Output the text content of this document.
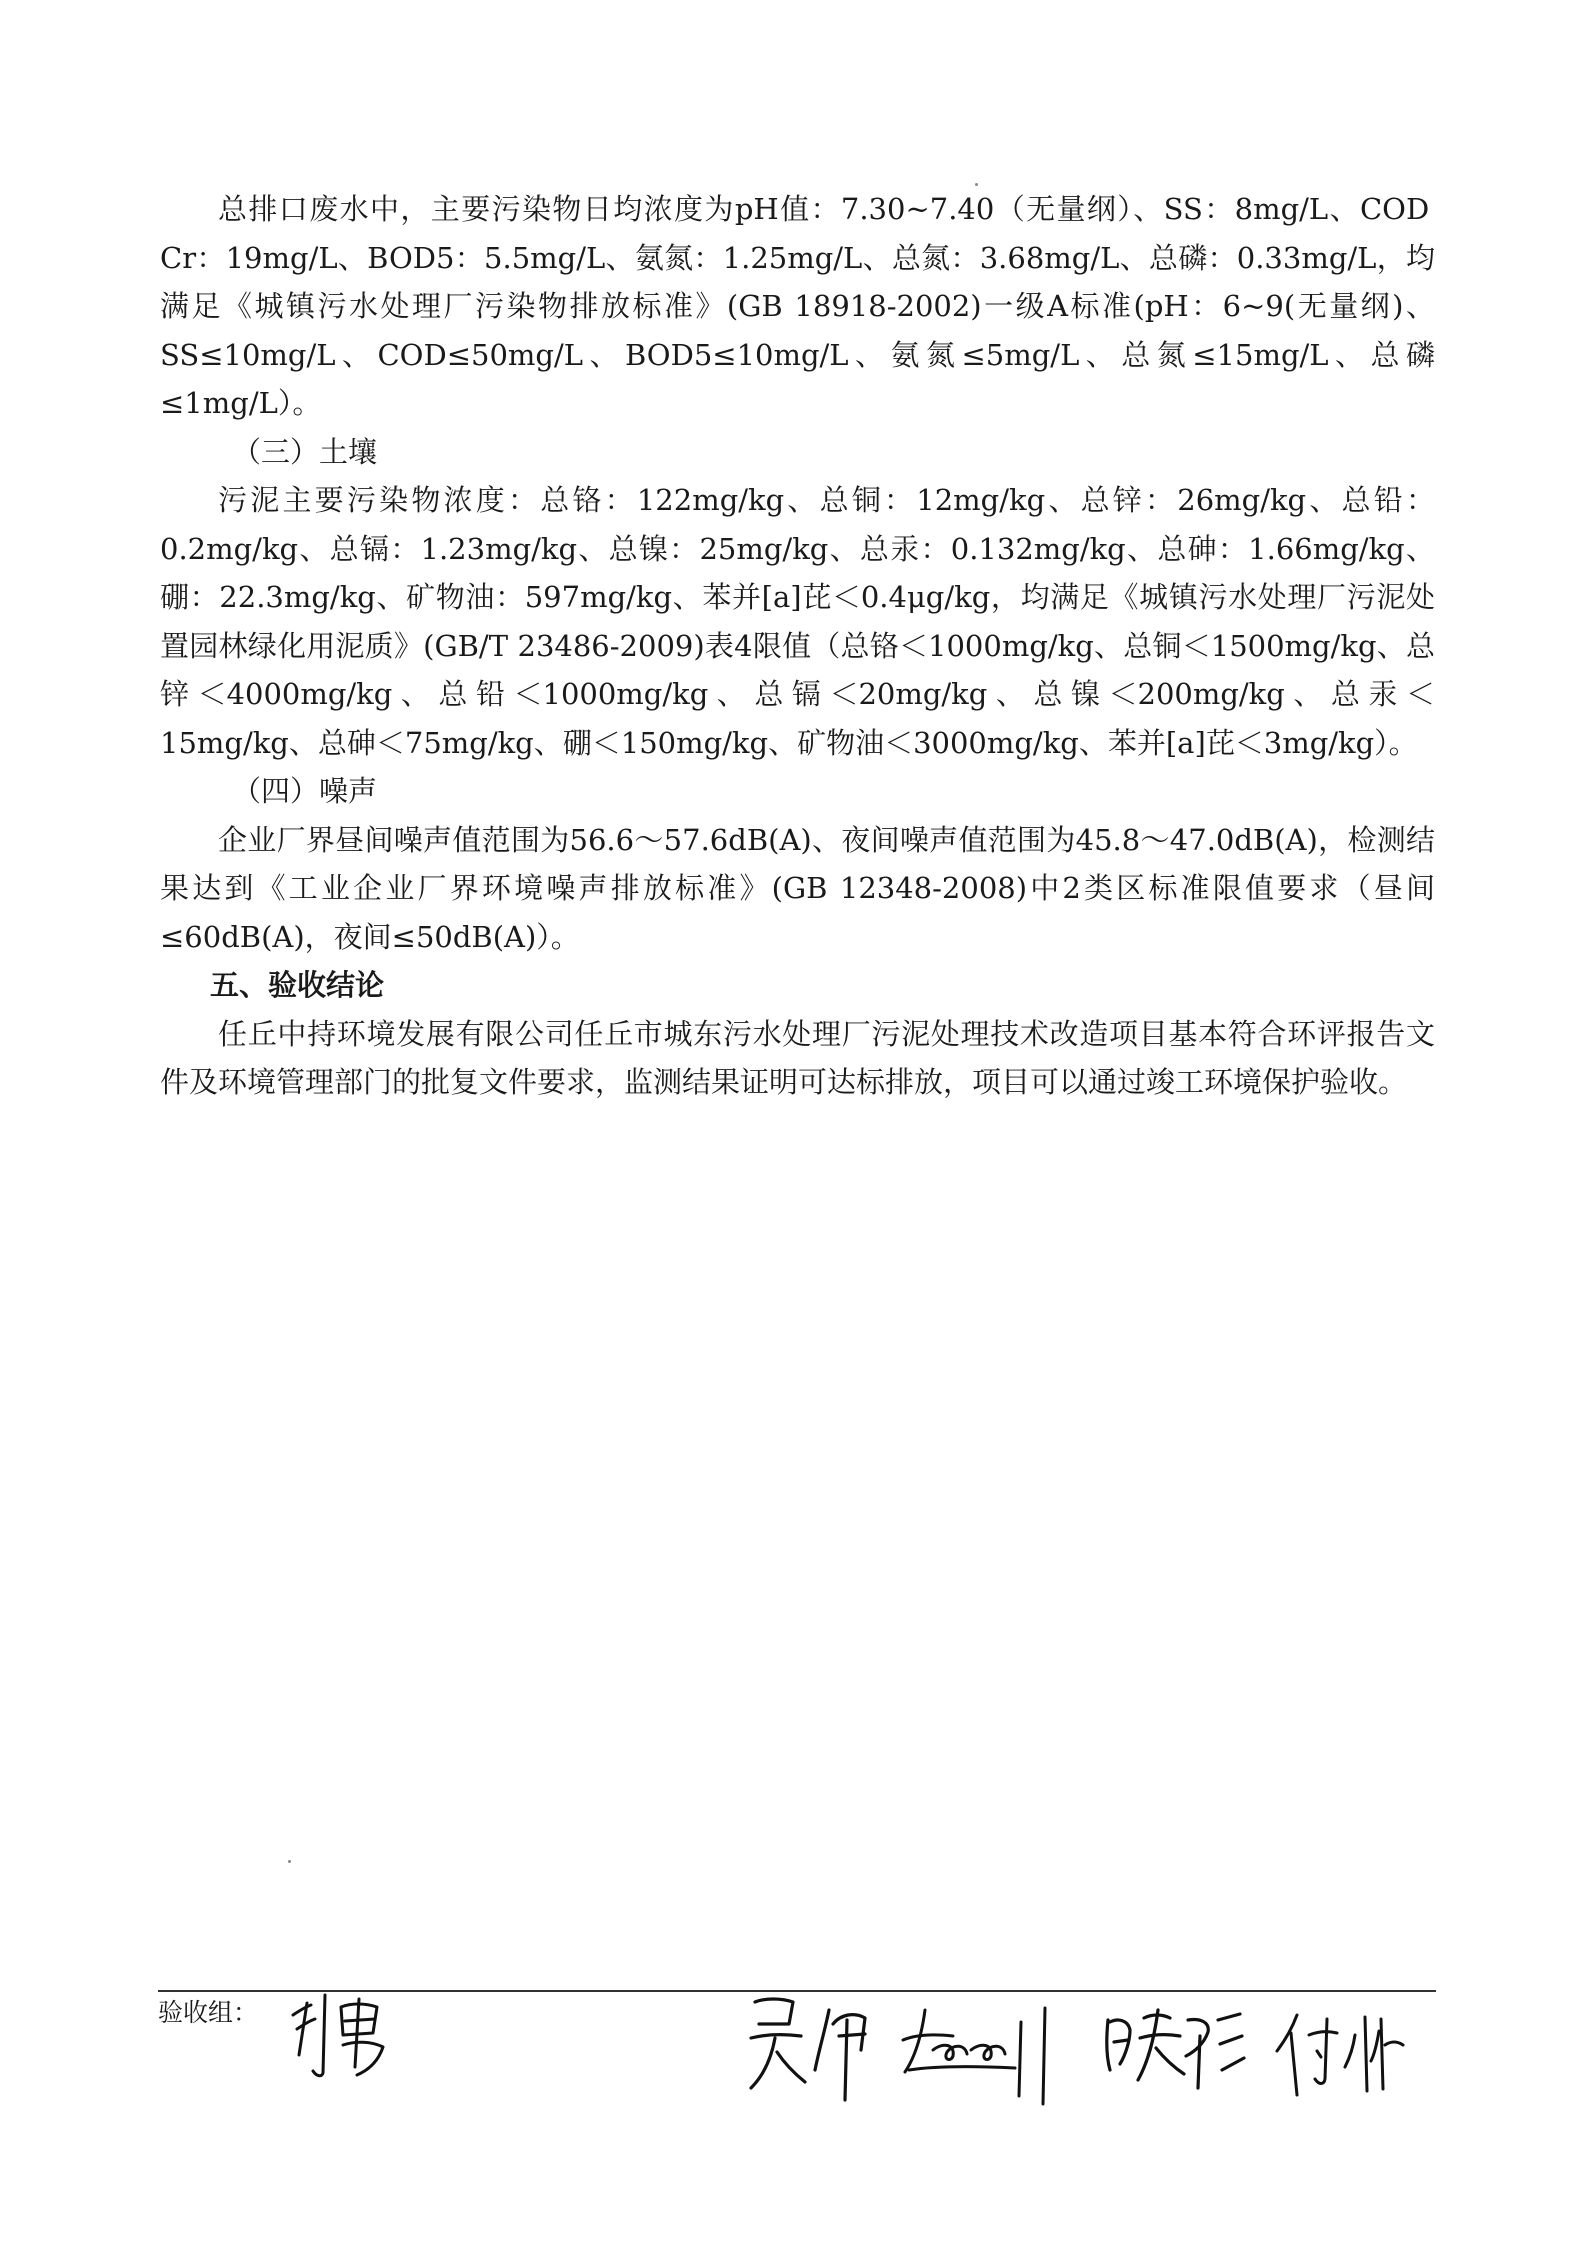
总排口废水中，主要污染物日均浓度为pH值：7.30~7.40（无量纲）、SS：8mg/L、COD Cr：19mg/L、BOD5：5.5mg/L、氨氮：1.25mg/L、总氮：3.68mg/L、总磷：0.33mg/L，均满足《城镇污水处理厂污染物排放标准》(GB 18918-2002)一级A标准(pH：6~9(无量纲)、SS≤10mg/L、COD≤50mg/L、BOD5≤10mg/L、氨氮≤5mg/L、总氮≤15mg/L、总磷≤1mg/L）。

（三）土壤

污泥主要污染物浓度：总铬：122mg/kg、总铜：12mg/kg、总锌：26mg/kg、总铅：0.2mg/kg、总镉：1.23mg/kg、总镍：25mg/kg、总汞：0.132mg/kg、总砷：1.66mg/kg、硼：22.3mg/kg、矿物油：597mg/kg、苯并[a]芘＜0.4μg/kg，均满足《城镇污水处理厂污泥处置园林绿化用泥质》(GB/T 23486-2009)表4限值（总铬＜1000mg/kg、总铜＜1500mg/kg、总锌＜4000mg/kg、总铅＜1000mg/kg、总镉＜20mg/kg、总镍＜200mg/kg、总汞＜15mg/kg、总砷＜75mg/kg、硼＜150mg/kg、矿物油＜3000mg/kg、苯并[a]芘＜3mg/kg）。

（四）噪声

企业厂界昼间噪声值范围为56.6～57.6dB(A)、夜间噪声值范围为45.8～47.0dB(A)，检测结果达到《工业企业厂界环境噪声排放标准》(GB 12348-2008)中2类区标准限值要求（昼间≤60dB(A)，夜间≤50dB(A)）。

五、验收结论

任丘中持环境发展有限公司任丘市城东污水处理厂污泥处理技术改造项目基本符合环评报告文件及环境管理部门的批复文件要求，监测结果证明可达标排放，项目可以通过竣工环境保护验收。

验收组：
